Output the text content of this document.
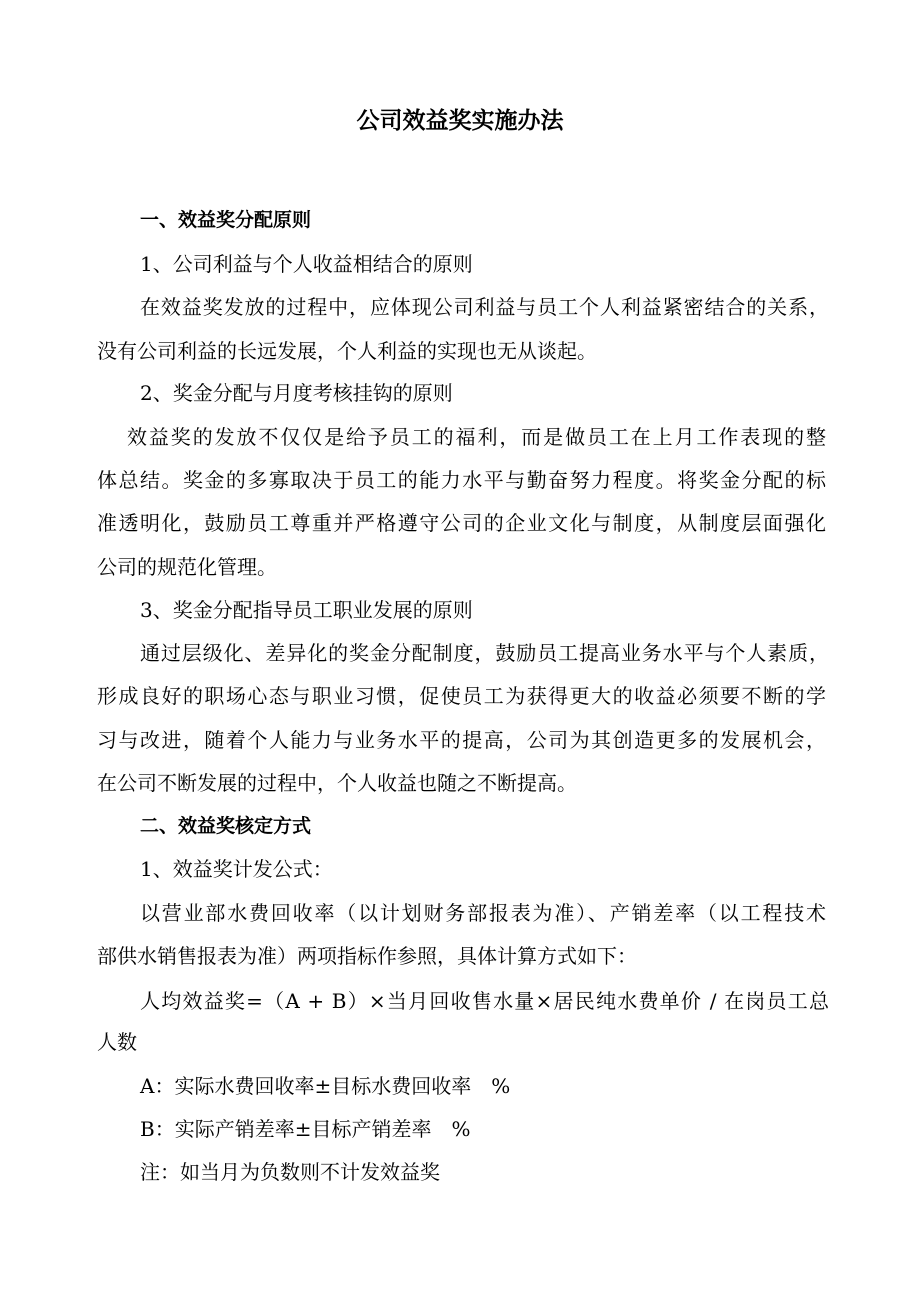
公司效益奖实施办法
一、效益奖分配原则
1、公司利益与个人收益相结合的原则
在效益奖发放的过程中，应体现公司利益与员工个人利益紧密结合的关系，
没有公司利益的长远发展，个人利益的实现也无从谈起。
2、奖金分配与月度考核挂钩的原则
效益奖的发放不仅仅是给予员工的福利，而是做员工在上月工作表现的整
体总结。奖金的多寡取决于员工的能力水平与勤奋努力程度。将奖金分配的标
准透明化，鼓励员工尊重并严格遵守公司的企业文化与制度，从制度层面强化
公司的规范化管理。
3、奖金分配指导员工职业发展的原则
通过层级化、差异化的奖金分配制度，鼓励员工提高业务水平与个人素质，
形成良好的职场心态与职业习惯，促使员工为获得更大的收益必须要不断的学
习与改进，随着个人能力与业务水平的提高，公司为其创造更多的发展机会，
在公司不断发展的过程中，个人收益也随之不断提高。
二、效益奖核定方式
1、效益奖计发公式：
以营业部水费回收率（以计划财务部报表为准）、产销差率（以工程技术
部供水销售报表为准）两项指标作参照，具体计算方式如下：
人均效益奖=（A + B）×当月回收售水量×居民纯水费单价 / 在岗员工总
人数
A：实际水费回收率±目标水费回收率　%
B：实际产销差率±目标产销差率　%
注：如当月为负数则不计发效益奖
